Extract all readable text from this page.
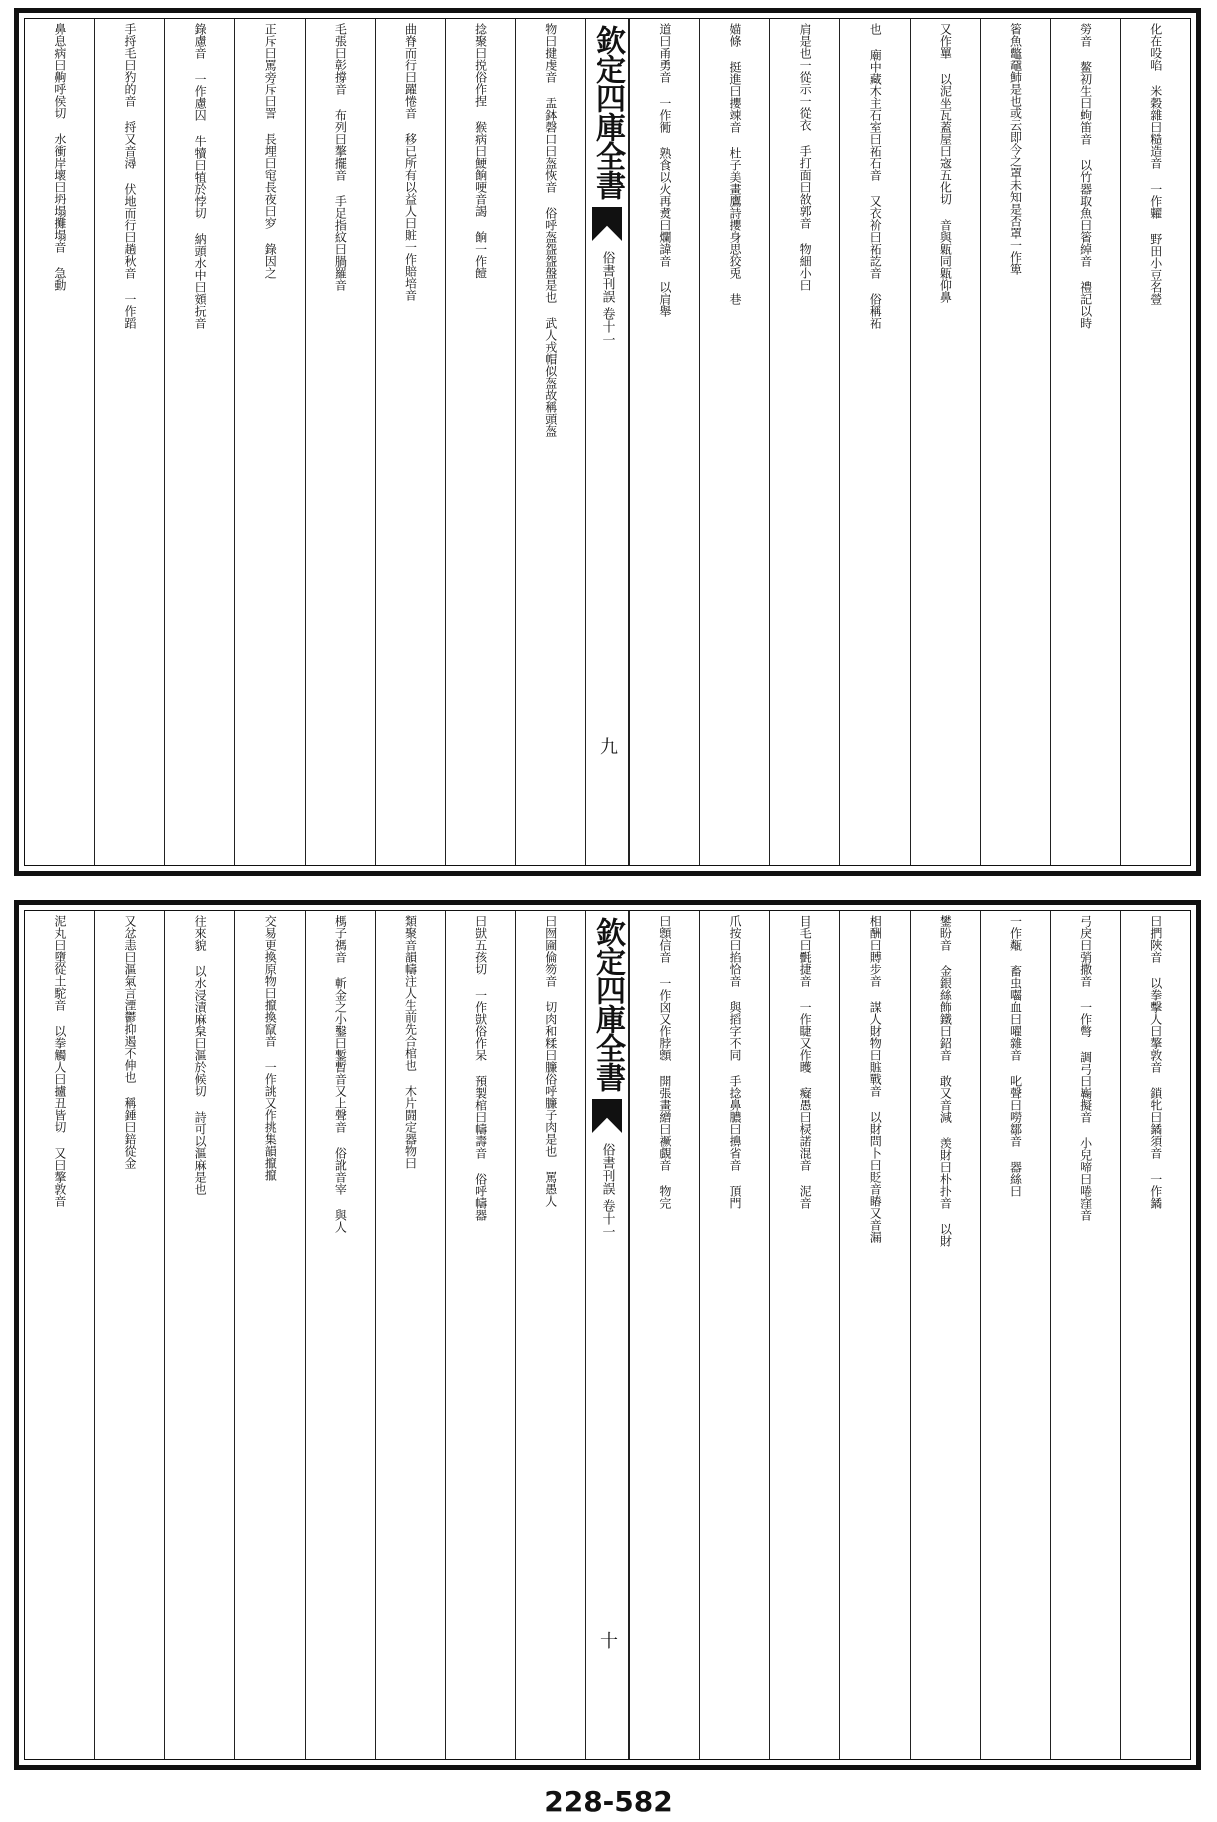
化在吺啗 米穀雜曰糙造音 一作糶 野田小豆名䝁
勞音 鳌初生曰蚼笛音 以竹器取魚曰箵綽音 禮記以時
箵魚鼈黿䰽是也或云即今之罩未知是否罩一作箄
又作罼 以泥坐瓦蓋屋曰宼五化切 音與甈同甈仰鼻
也 廟中藏木主石室曰祏石音 又衣衸曰祏訖音 俗稱祏
肩是也一從示一從衣 手打面曰敋郭音 物細小曰
媌條 挺進曰攖竦音 杜子美畫鷹詩攖身思狡兎 巷
道曰甬勇音 一作衕 熟食以火再煑曰爛諱音 以肩舉
欽定四庫全書
俗書刊誤
卷十一
九
物曰揵虔音 盂鉢磬口曰盔恢音 俗呼盔盌盌盤是也 武人戎帽似盔故稱頭盔
捻聚曰捝俗作捏 猴病曰鯁餉哽音謁 餉一作饐
曲脊而行曰躍惓音 移已所有以益人曰賍一作賠培音
毛張曰彰撐音 布列曰摮擺音 手足指紋曰腡羅音
正斥曰罵旁斥曰詈 長埋曰窀長夜曰穸 錄因之
錄慮音 一作慮囚 牛犢曰犆於悖切 納頭水中曰頞抏音
手捋毛曰犳的音 捋又音潯 伏地而行曰趟秋音 一作蹈
鼻息病曰齁呼侯切 水衝岸壞曰坍塌攤塌音 急動
曰捫陜音 以拳擊人曰摮敦音 鎖牝曰鐍須音 一作鐍
弓戾曰弰撒音 一作彆 調弓曰巈擬音 小兒啼曰啳窪音
一作甐 畜虫囓血曰嚁雜音 叱聲曰嘮鄒音 器絲曰
鐢盼音 金銀絲飾鐵曰鉊音 敢又音減 羡財曰朴扑音 以財
相酬曰賻步音 謀人財物曰賘戰音 以財問卜曰貶音睶又音漏
目毛曰㲲捷音 一作睫又作矆 癡愚曰棂諾混音 泥音
爪按曰掐恰音 與搯字不同 手捻鼻膿曰擤省音 頂門
曰顖信音 一作囟又作脖顖 開張畫繒曰䙠覰音 物完
欽定四庫全書
俗書刊誤
卷十一
十
曰囫圇倫笏音 切肉和糅曰臁俗呼臁子肉是也 罵愚人
曰獃五孩切 一作獃俗作呆 預製棺曰幬壽音 俗呼幬器
類聚音韻幬注人生前先合棺也 木片闘定器物曰
榪子禡音 斬金之小鑿曰鏨暫音又上聲音 俗訛音宰 與人
交易更換原物曰攛換竄音 一作誂又作挑集韻攛攛
往來貌 以水浸漬麻枲曰漚於候切 詩可以漚麻是也
又忿恚曰漚氣言湮鬱抑遏不伸也 稱錘曰錇從金
泥丸曰墮從土駝音 以拳觸人曰攎丑皆切 又曰摮敦音
228-582
